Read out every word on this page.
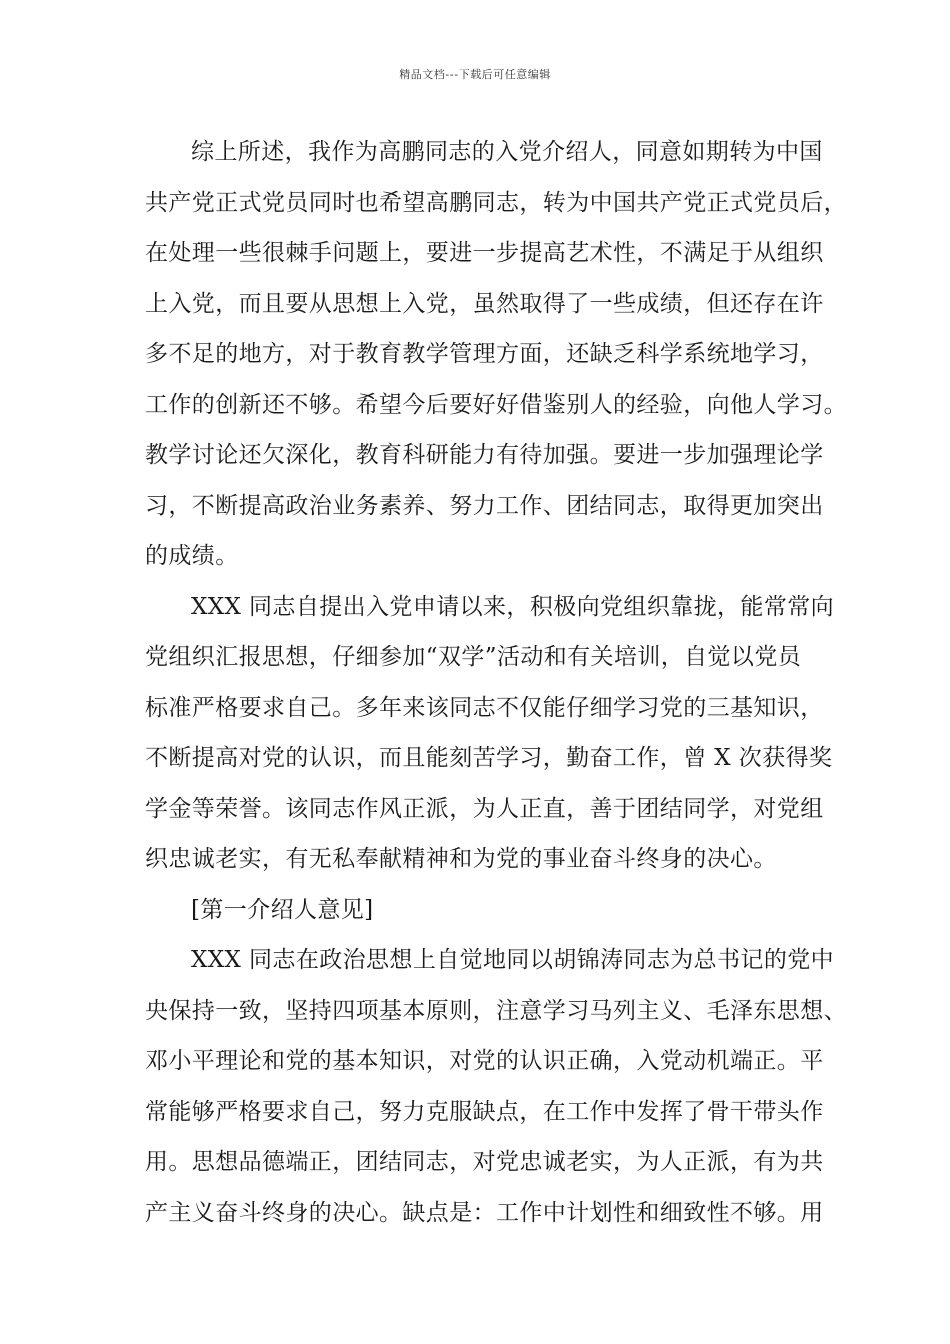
精品文档---下载后可任意编辑
综上所述，我作为高鹏同志的入党介绍人，同意如期转为中国
共产党正式党员同时也希望高鹏同志，转为中国共产党正式党员后，
在处理一些很棘手问题上，要进一步提高艺术性，不满足于从组织
上入党，而且要从思想上入党，虽然取得了一些成绩，但还存在许
多不足的地方，对于教育教学管理方面，还缺乏科学系统地学习，
工作的创新还不够。希望今后要好好借鉴别人的经验，向他人学习。
教学讨论还欠深化，教育科研能力有待加强。要进一步加强理论学
习，不断提高政治业务素养、努力工作、团结同志，取得更加突出
的成绩。
XXX 同志自提出入党申请以来，积极向党组织靠拢，能常常向
党组织汇报思想，仔细参加“双学”活动和有关培训，自觉以党员
标准严格要求自己。多年来该同志不仅能仔细学习党的三基知识，
不断提高对党的认识，而且能刻苦学习，勤奋工作，曾 X 次获得奖
学金等荣誉。该同志作风正派，为人正直，善于团结同学，对党组
织忠诚老实，有无私奉献精神和为党的事业奋斗终身的决心。
[第一介绍人意见]
XXX 同志在政治思想上自觉地同以胡锦涛同志为总书记的党中
央保持一致，坚持四项基本原则，注意学习马列主义、毛泽东思想、
邓小平理论和党的基本知识，对党的认识正确，入党动机端正。平
常能够严格要求自己，努力克服缺点，在工作中发挥了骨干带头作
用。思想品德端正，团结同志，对党忠诚老实，为人正派，有为共
产主义奋斗终身的决心。缺点是：工作中计划性和细致性不够。用
